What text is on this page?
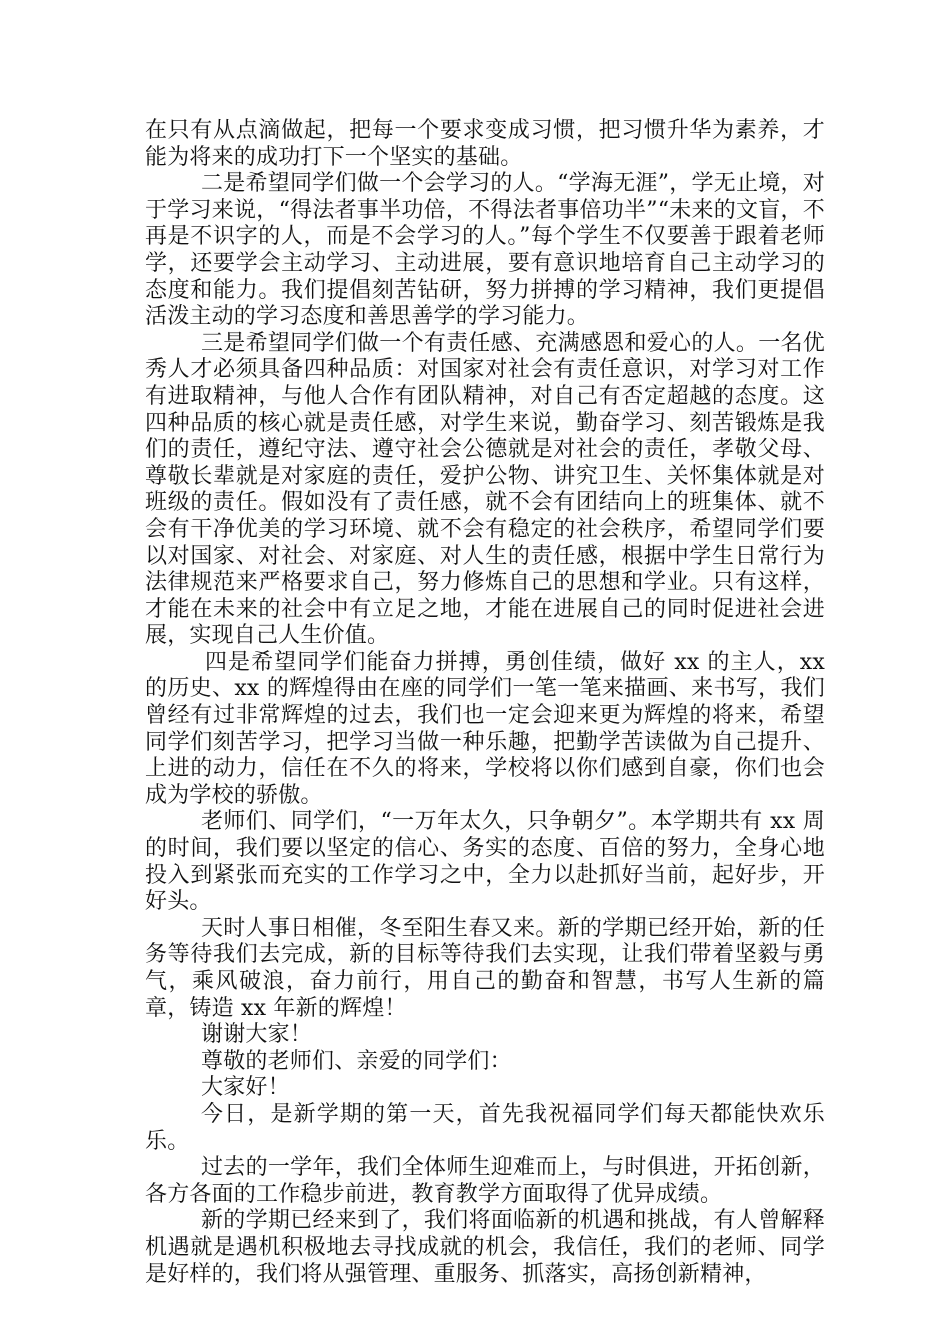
在只有从点滴做起，把每一个要求变成习惯，把习惯升华为素养，才能为将来的成功打下一个坚实的基础。

二是希望同学们做一个会学习的人。“学海无涯”，学无止境，对于学习来说，“得法者事半功倍，不得法者事倍功半”“未来的文盲，不再是不识字的人，而是不会学习的人。”每个学生不仅要善于跟着老师学，还要学会主动学习、主动进展，要有意识地培育自己主动学习的态度和能力。我们提倡刻苦钻研，努力拼搏的学习精神，我们更提倡活泼主动的学习态度和善思善学的学习能力。

三是希望同学们做一个有责任感、充满感恩和爱心的人。一名优秀人才必须具备四种品质：对国家对社会有责任意识，对学习对工作有进取精神，与他人合作有团队精神，对自己有否定超越的态度。这四种品质的核心就是责任感，对学生来说，勤奋学习、刻苦锻炼是我们的责任，遵纪守法、遵守社会公德就是对社会的责任，孝敬父母、尊敬长辈就是对家庭的责任，爱护公物、讲究卫生、关怀集体就是对班级的责任。假如没有了责任感，就不会有团结向上的班集体、就不会有干净优美的学习环境、就不会有稳定的社会秩序，希望同学们要以对国家、对社会、对家庭、对人生的责任感，根据中学生日常行为法律规范来严格要求自己，努力修炼自己的思想和学业。只有这样，才能在未来的社会中有立足之地，才能在进展自己的同时促进社会进展，实现自己人生价值。

四是希望同学们能奋力拼搏，勇创佳绩，做好 xx 的主人，xx 的历史、xx 的辉煌得由在座的同学们一笔一笔来描画、来书写，我们曾经有过非常辉煌的过去，我们也一定会迎来更为辉煌的将来，希望同学们刻苦学习，把学习当做一种乐趣，把勤学苦读做为自己提升、上进的动力，信任在不久的将来，学校将以你们感到自豪，你们也会成为学校的骄傲。

老师们、同学们，“一万年太久，只争朝夕”。本学期共有 xx 周的时间，我们要以坚定的信心、务实的态度、百倍的努力，全身心地投入到紧张而充实的工作学习之中，全力以赴抓好当前，起好步，开好头。

天时人事日相催，冬至阳生春又来。新的学期已经开始，新的任务等待我们去完成，新的目标等待我们去实现，让我们带着坚毅与勇气，乘风破浪，奋力前行，用自己的勤奋和智慧，书写人生新的篇章，铸造 xx 年新的辉煌！

谢谢大家！

尊敬的老师们、亲爱的同学们：

大家好！

今日，是新学期的第一天，首先我祝福同学们每天都能快欢乐乐。

过去的一学年，我们全体师生迎难而上，与时俱进，开拓创新，各方各面的工作稳步前进，教育教学方面取得了优异成绩。

新的学期已经来到了，我们将面临新的机遇和挑战，有人曾解释机遇就是遇机积极地去寻找成就的机会，我信任，我们的老师、同学是好样的，我们将从强管理、重服务、抓落实，高扬创新精神，
